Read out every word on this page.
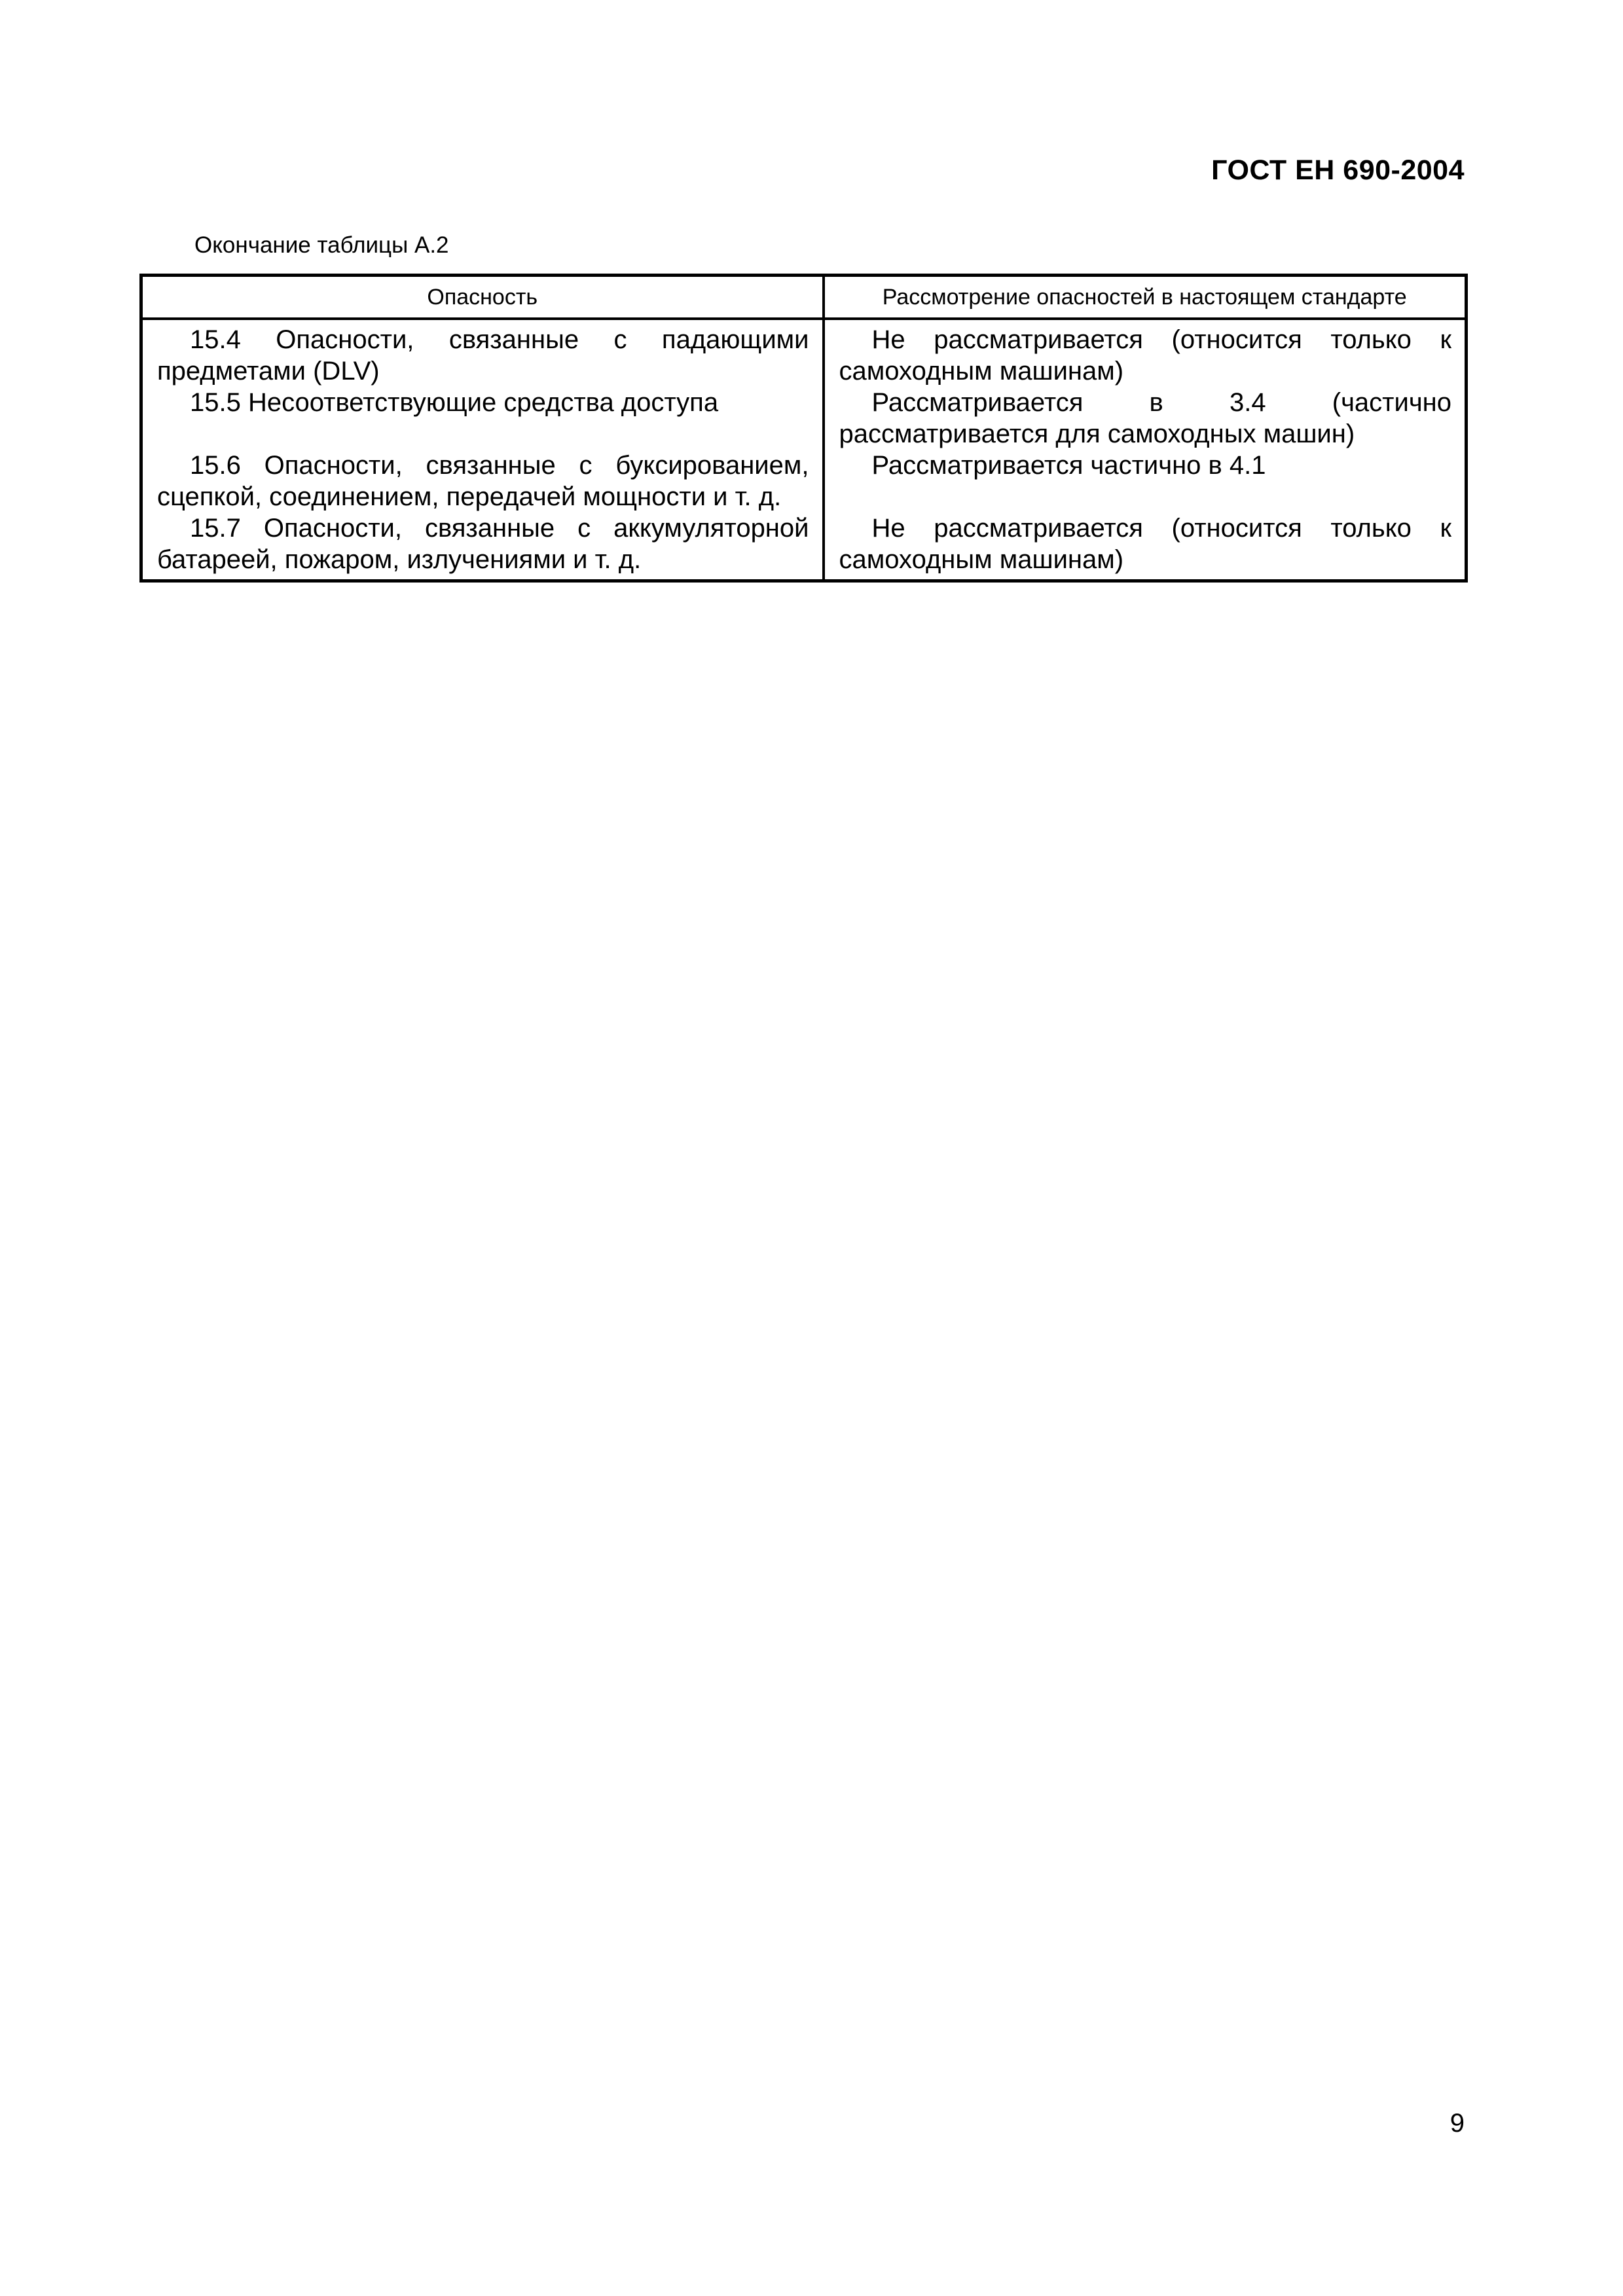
ГОСТ ЕН 690-2004
Окончание таблицы А.2
Опасность	Рассмотрение опасностей в настоящем стандарте
15.4 Опасности, связанные с падающими предметами (DLV)	Не рассматривается (относится только к самоходным машинам)
15.5 Несоответствующие средства доступа	Рассматривается в 3.4 (частично рассматривается для самоходных машин)
15.6 Опасности, связанные с буксированием, сцепкой, соединением, передачей мощности и т. д.	Рассматривается частично в 4.1
15.7 Опасности, связанные с аккумуляторной батареей, пожаром, излучениями и т. д.	Не рассматривается (относится только к самоходным машинам)
9
